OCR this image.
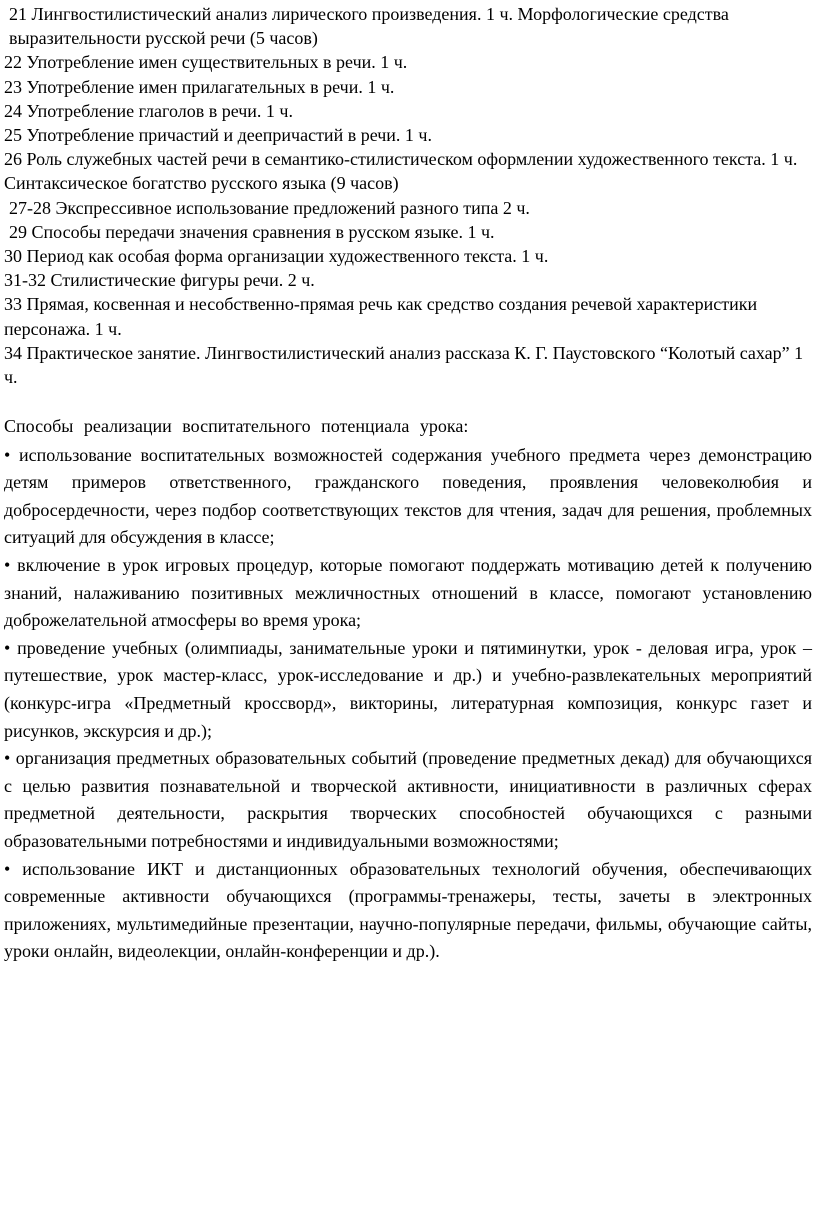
21 Лингвостилистический анализ лирического произведения. 1 ч. Морфологические средства выразительности русской речи (5 часов)

22 Употребление имен существительных в речи. 1 ч.

23 Употребление имен прилагательных в речи. 1 ч.

24 Употребление глаголов в речи. 1 ч.

25 Употребление причастий и деепричастий в речи. 1 ч.

26 Роль служебных частей речи в семантико-стилистическом оформлении художественного текста. 1 ч. Синтаксическое богатство русского языка (9 часов)

27-28 Экспрессивное использование предложений разного типа 2 ч.

29 Способы передачи значения сравнения в русском языке. 1 ч.

30 Период как особая форма организации художественного текста. 1 ч.

31-32 Стилистические фигуры речи. 2 ч.

33 Прямая, косвенная и несобственно-прямая речь как средство создания речевой характеристики персонажа. 1 ч.

34 Практическое занятие. Лингвостилистический анализ рассказа К. Г. Паустовского “Колотый сахар” 1 ч.

Способы реализации воспитательного потенциала урока:

• использование воспитательных возможностей содержания учебного предмета через демонстрацию детям примеров ответственного, гражданского поведения, проявления человеколюбия и добросердечности, через подбор соответствующих текстов для чтения, задач для решения, проблемных ситуаций для обсуждения в классе;

• включение в урок игровых процедур, которые помогают поддержать мотивацию детей к получению знаний, налаживанию позитивных межличностных отношений в классе, помогают установлению доброжелательной атмосферы во время урока;

• проведение учебных (олимпиады, занимательные уроки и пятиминутки, урок - деловая игра, урок – путешествие, урок мастер-класс, урок-исследование и др.) и учебно-развлекательных мероприятий (конкурс-игра «Предметный кроссворд», викторины, литературная композиция, конкурс газет и рисунков, экскурсия и др.);

• организация предметных образовательных событий (проведение предметных декад) для обучающихся с целью развития познавательной и творческой активности, инициативности в различных сферах предметной деятельности, раскрытия творческих способностей обучающихся с разными образовательными потребностями и индивидуальными возможностями;

• использование ИКТ и дистанционных образовательных технологий обучения, обеспечивающих современные активности обучающихся (программы-тренажеры, тесты, зачеты в электронных приложениях, мультимедийные презентации, научно-популярные передачи, фильмы, обучающие сайты, уроки онлайн, видеолекции, онлайн-конференции и др.).
